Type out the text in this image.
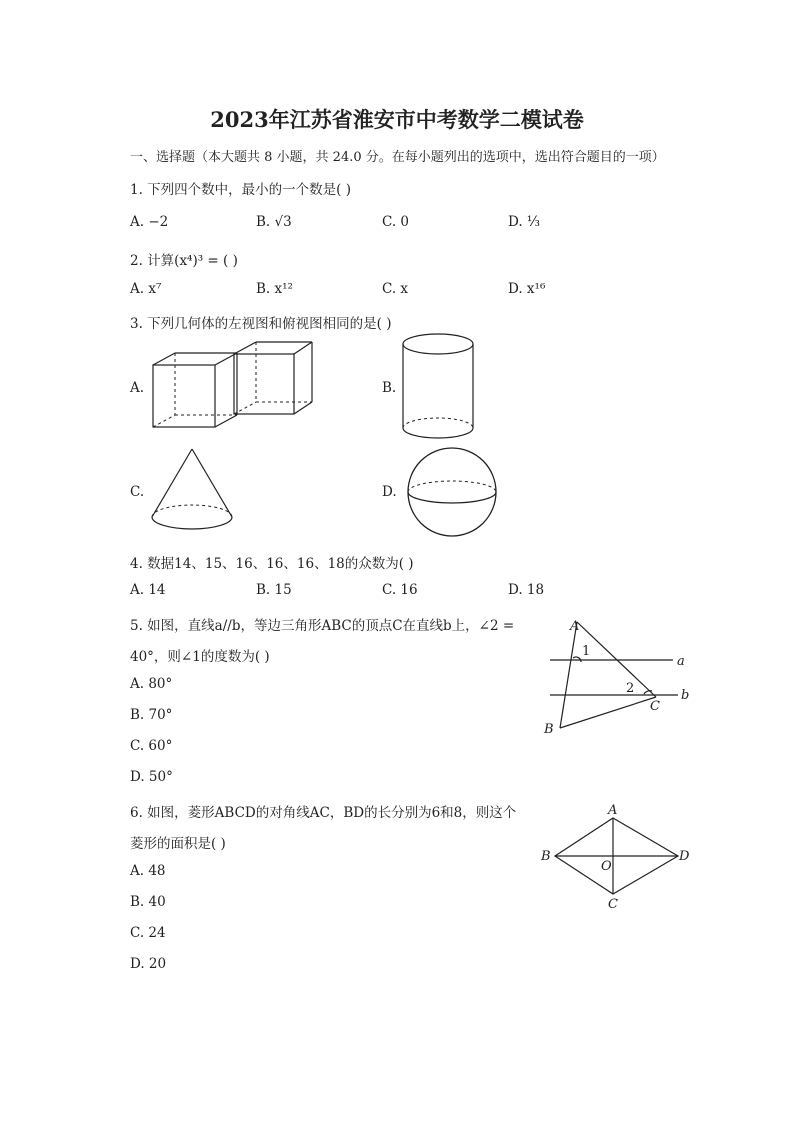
2023年江苏省淮安市中考数学二模试卷
一、选择题（本大题共 8 小题，共 24.0 分。在每小题列出的选项中，选出符合题目的一项）
1. 下列四个数中，最小的一个数是( )
A. −2	B. √3	C. 0	D. ⅓
2. 计算(x⁴)³ = ( )
A. x⁷	B. x¹²	C. x	D. x¹⁶
3. 下列几何体的左视图和俯视图相同的是( )
A.	B.
C.	D.
4. 数据14、15、16、16、16、18的众数为( )
A. 14	B. 15	C. 16	D. 18
5. 如图，直线a//b，等边三角形ABC的顶点C在直线b上，∠2 =
40°，则∠1的度数为( )
A. 80°
B. 70°
C. 60°
D. 50°
A
B
C
a
b
1
2
6. 如图，菱形ABCD的对角线AC，BD的长分别为6和8，则这个
菱形的面积是( )
A. 48
B. 40
C. 24
D. 20
A
B
C
D
O
